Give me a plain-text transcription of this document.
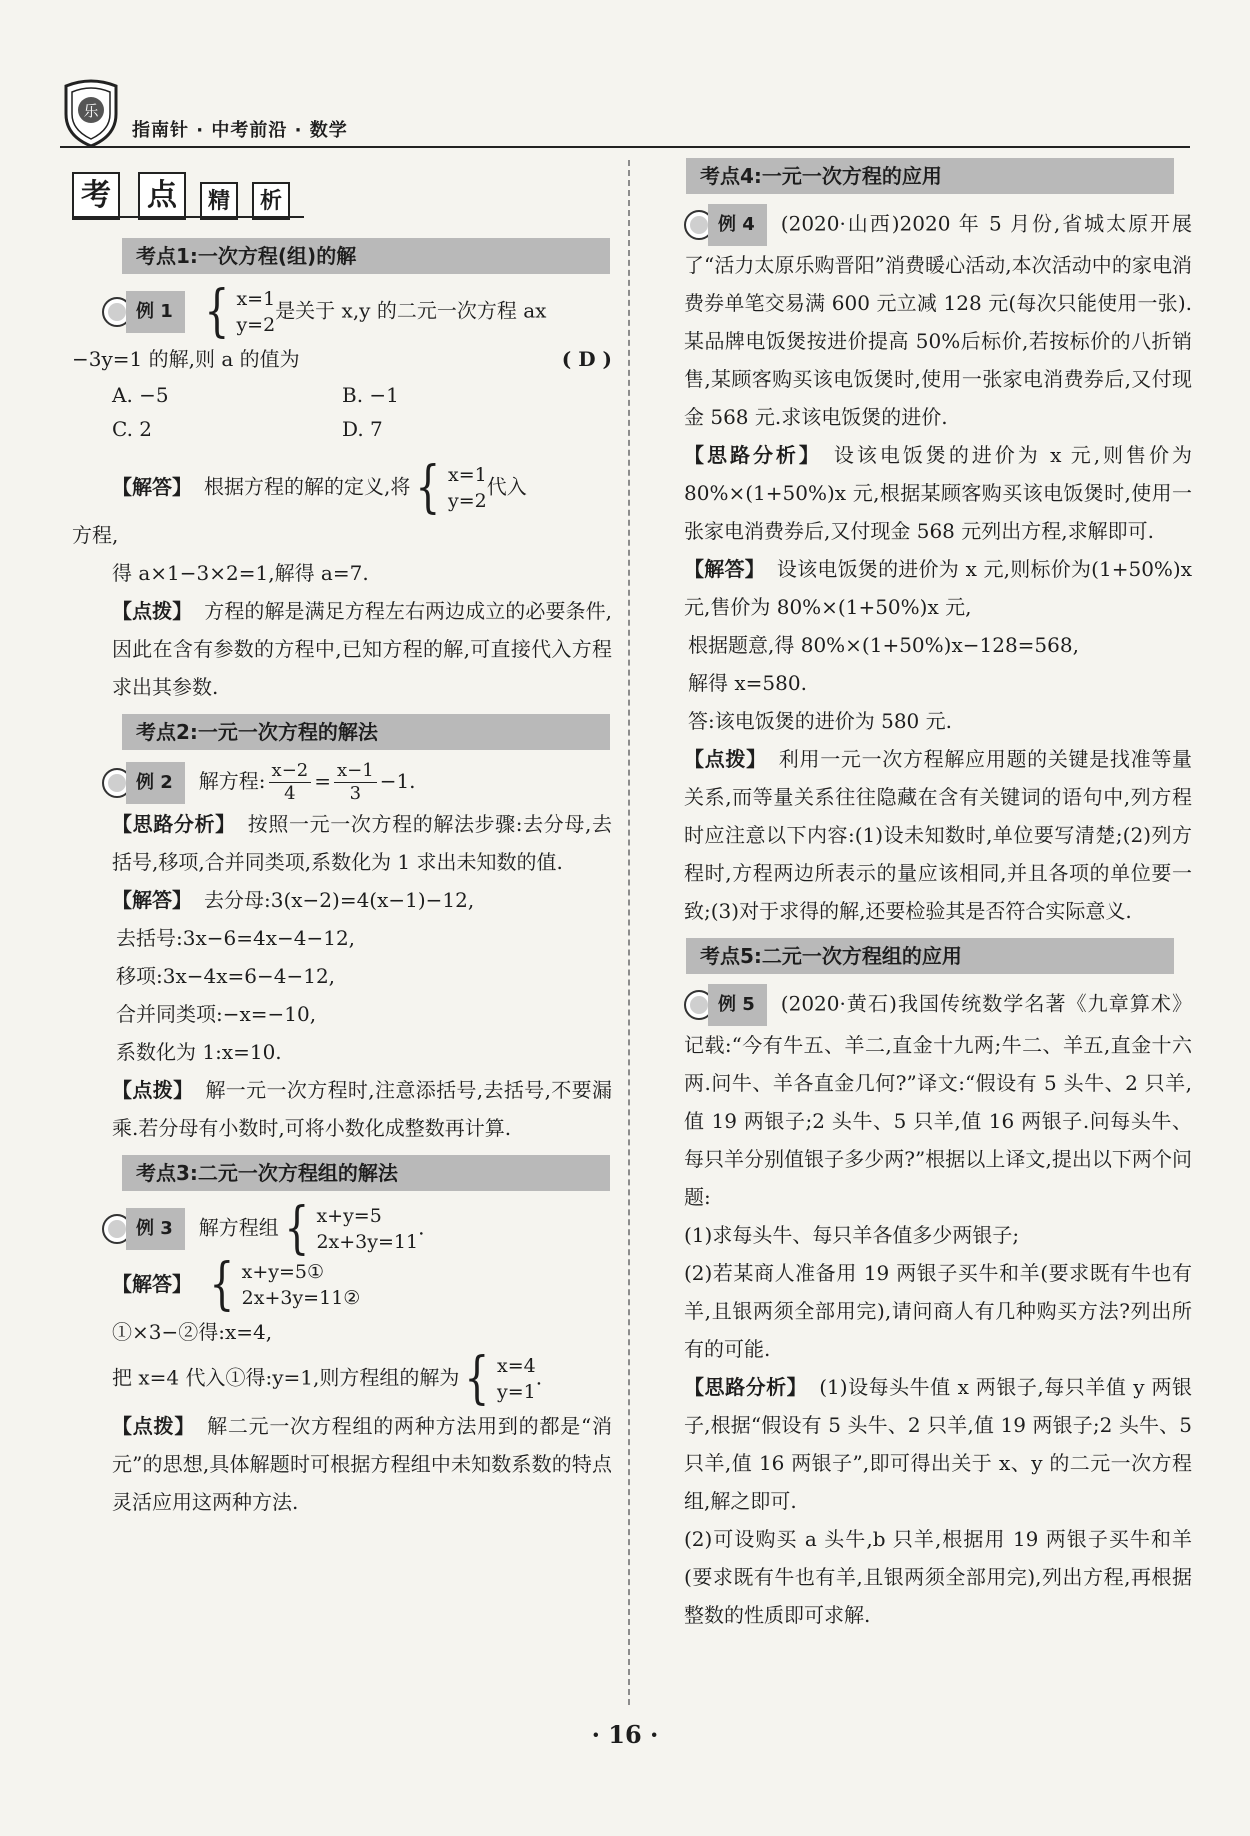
乐
指南针 · 中考前沿 · 数学
考	点	精	析
考点1:一次方程(组)的解

例 1 { x=1
y=2
是关于 x,y 的二元一次方程 ax

−3y=1 的解,则 a 的值为	( D )

A. −5	B. −1
C. 2	D. 7

【解答】 根据方程的解的定义,将 { x=1
y=2
代入

方程,

得 a×1−3×2=1,解得 a=7.

【点拨】 方程的解是满足方程左右两边成立的必要条件,因此在含有参数的方程中,已知方程的解,可直接代入方程求出其参数.

考点2:一元一次方程的解法

例 2	解方程: $\frac{x-2}{4} = \frac{x-1}{3} -1$.

【思路分析】 按照一元一次方程的解法步骤:去分母,去括号,移项,合并同类项,系数化为 1 求出未知数的值.

【解答】 去分母:3(x−2)=4(x−1)−12,

去括号:3x−6=4x−4−12,

移项:3x−4x=6−4−12,

合并同类项:−x=−10,

系数化为 1:x=10.

【点拨】 解一元一次方程时,注意添括号,去括号,不要漏乘.若分母有小数时,可将小数化成整数再计算.

考点3:二元一次方程组的解法

例 3	解方程组 { x+y=5
2x+3y=11
.

【解答】 { x+y=5①
2x+3y=11②

①×3−②得:x=4,

把 x=4 代入①得:y=1,则方程组的解为 { x=4
y=1
.

【点拨】 解二元一次方程组的两种方法用到的都是“消元”的思想,具体解题时可根据方程组中未知数系数的特点灵活应用这两种方法.

考点4:一元一次方程的应用

例 4	(2020·山西)2020 年 5 月份,省城太原开展了“活力太原乐购晋阳”消费暖心活动,本次活动中的家电消费券单笔交易满 600 元立减 128 元(每次只能使用一张).某品牌电饭煲按进价提高 50%后标价,若按标价的八折销售,某顾客购买该电饭煲时,使用一张家电消费券后,又付现金 568 元.求该电饭煲的进价.

【思路分析】 设该电饭煲的进价为 x 元,则售价为 80%×(1+50%)x 元,根据某顾客购买该电饭煲时,使用一张家电消费券后,又付现金 568 元列出方程,求解即可.

【解答】 设该电饭煲的进价为 x 元,则标价为(1+50%)x 元,售价为 80%×(1+50%)x 元,

根据题意,得 80%×(1+50%)x−128=568,

解得 x=580.

答:该电饭煲的进价为 580 元.

【点拨】 利用一元一次方程解应用题的关键是找准等量关系,而等量关系往往隐藏在含有关键词的语句中,列方程时应注意以下内容:(1)设未知数时,单位要写清楚;(2)列方程时,方程两边所表示的量应该相同,并且各项的单位要一致;(3)对于求得的解,还要检验其是否符合实际意义.

考点5:二元一次方程组的应用

例 5	(2020·黄石)我国传统数学名著《九章算术》记载:“今有牛五、羊二,直金十九两;牛二、羊五,直金十六两.问牛、羊各直金几何?”译文:“假设有 5 头牛、2 只羊,值 19 两银子;2 头牛、5 只羊,值 16 两银子.问每头牛、每只羊分别值银子多少两?”根据以上译文,提出以下两个问题:

(1)求每头牛、每只羊各值多少两银子;

(2)若某商人准备用 19 两银子买牛和羊(要求既有牛也有羊,且银两须全部用完),请问商人有几种购买方法?列出所有的可能.

【思路分析】 (1)设每头牛值 x 两银子,每只羊值 y 两银子,根据“假设有 5 头牛、2 只羊,值 19 两银子;2 头牛、5 只羊,值 16 两银子”,即可得出关于 x、y 的二元一次方程组,解之即可.

(2)可设购买 a 头牛,b 只羊,根据用 19 两银子买牛和羊(要求既有牛也有羊,且银两须全部用完),列出方程,再根据整数的性质即可求解.

· 16 ·
